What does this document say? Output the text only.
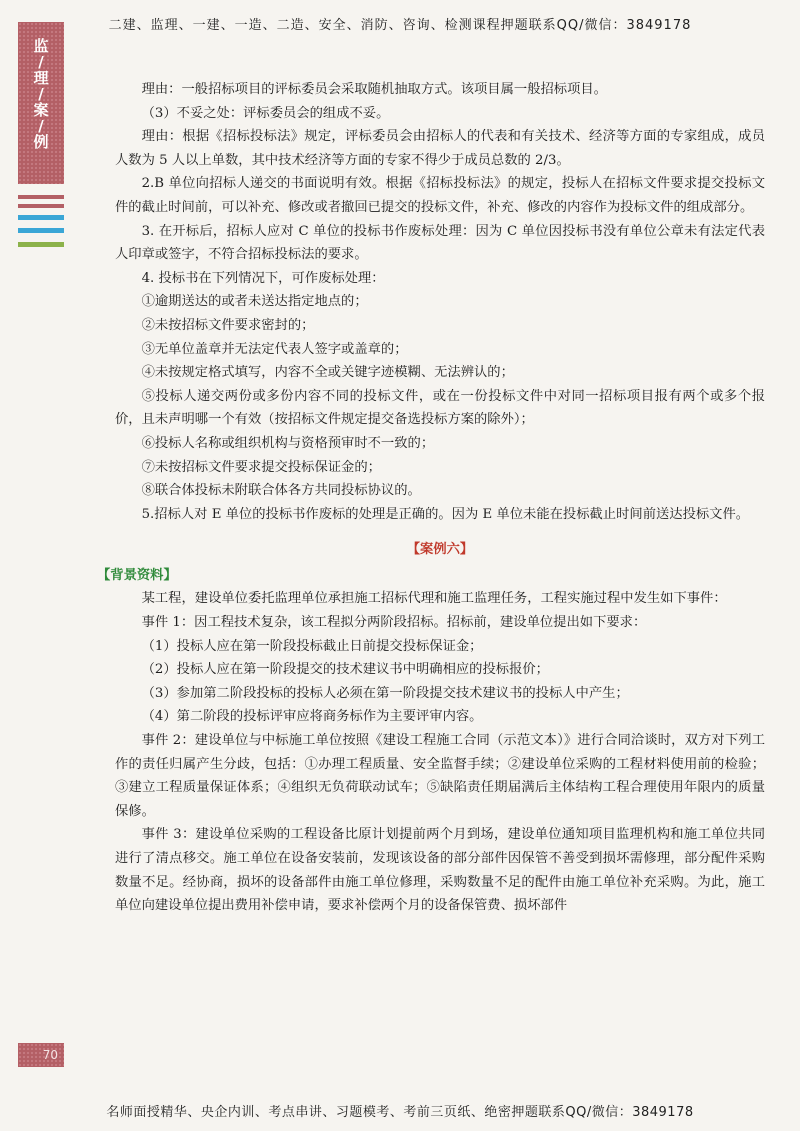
二建、监理、一建、一造、二造、安全、消防、咨询、检测课程押题联系QQ/微信：3849178
监
/
理
/
案
/
例

理由：一般招标项目的评标委员会采取随机抽取方式。该项目属一般招标项目。

（3）不妥之处：评标委员会的组成不妥。

理由：根据《招标投标法》规定，评标委员会由招标人的代表和有关技术、经济等方面的专家组成，成员人数为 5 人以上单数，其中技术经济等方面的专家不得少于成员总数的 2/3。

2.B 单位向招标人递交的书面说明有效。根据《招标投标法》的规定，投标人在招标文件要求提交投标文件的截止时间前，可以补充、修改或者撤回已提交的投标文件，补充、修改的内容作为投标文件的组成部分。

3. 在开标后，招标人应对 C 单位的投标书作废标处理：因为 C 单位因投标书没有单位公章未有法定代表人印章或签字，不符合招标投标法的要求。

4. 投标书在下列情况下，可作废标处理：

①逾期送达的或者未送达指定地点的；

②未按招标文件要求密封的；

③无单位盖章并无法定代表人签字或盖章的；

④未按规定格式填写，内容不全或关键字迹模糊、无法辨认的；

⑤投标人递交两份或多份内容不同的投标文件，或在一份投标文件中对同一招标项目报有两个或多个报价，且未声明哪一个有效（按招标文件规定提交备选投标方案的除外）；

⑥投标人名称或组织机构与资格预审时不一致的；

⑦未按招标文件要求提交投标保证金的；

⑧联合体投标未附联合体各方共同投标协议的。

5.招标人对 E 单位的投标书作废标的处理是正确的。因为 E 单位未能在投标截止时间前送达投标文件。

【案例六】

【背景资料】

某工程，建设单位委托监理单位承担施工招标代理和施工监理任务，工程实施过程中发生如下事件：

事件 1：因工程技术复杂，该工程拟分两阶段招标。招标前，建设单位提出如下要求：

（1）投标人应在第一阶段投标截止日前提交投标保证金；

（2）投标人应在第一阶段提交的技术建议书中明确相应的投标报价；

（3）参加第二阶段投标的投标人必须在第一阶段提交技术建议书的投标人中产生；

（4）第二阶段的投标评审应将商务标作为主要评审内容。

事件 2：建设单位与中标施工单位按照《建设工程施工合同（示范文本）》进行合同洽谈时，双方对下列工作的责任归属产生分歧，包括：①办理工程质量、安全监督手续；②建设单位采购的工程材料使用前的检验；③建立工程质量保证体系；④组织无负荷联动试车；⑤缺陷责任期届满后主体结构工程合理使用年限内的质量保修。

事件 3：建设单位采购的工程设备比原计划提前两个月到场，建设单位通知项目监理机构和施工单位共同进行了清点移交。施工单位在设备安装前，发现该设备的部分部件因保管不善受到损坏需修理，部分配件采购数量不足。经协商，损坏的设备部件由施工单位修理，采购数量不足的配件由施工单位补充采购。为此，施工单位向建设单位提出费用补偿申请，要求补偿两个月的设备保管费、损坏部件

70
名师面授精华、央企内训、考点串讲、习题模考、考前三页纸、绝密押题联系QQ/微信：3849178
